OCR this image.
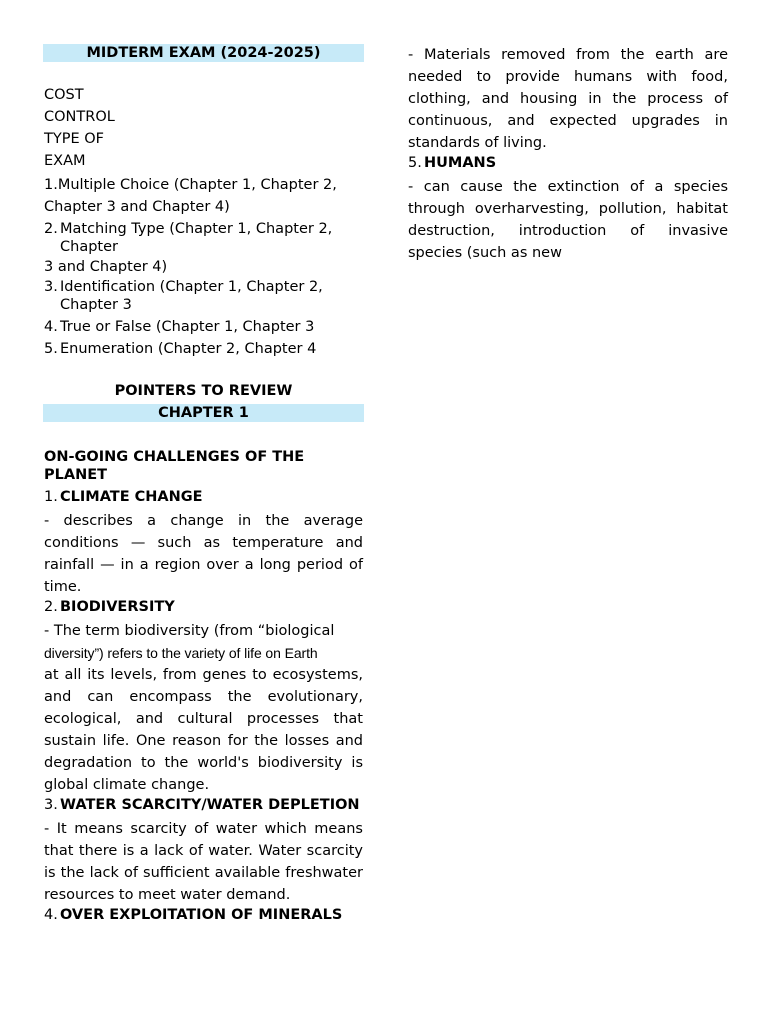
MIDTERM EXAM (2024-2025)
COST
CONTROL
TYPE OF
EXAM
1.Multiple Choice (Chapter 1, Chapter 2, Chapter 3 and Chapter 4)
2. Matching Type (Chapter 1, Chapter 2, Chapter
3 and Chapter 4)
3. Identification (Chapter 1, Chapter 2, Chapter 3
4. True or False (Chapter 1, Chapter 3
5. Enumeration (Chapter 2, Chapter 4
POINTERS TO REVIEW
CHAPTER 1
ON-GOING CHALLENGES OF THE PLANET
1. CLIMATE CHANGE
- describes a change in the average conditions — such as temperature and rainfall — in a region over a long period of time.
2. BIODIVERSITY
- The term biodiversity (from “biological
diversity”) refers to the variety of life on Earth
at all its levels, from genes to ecosystems, and can encompass the evolutionary, ecological, and cultural processes that sustain life. One reason for the losses and degradation to the world's biodiversity is global climate change.
3. WATER SCARCITY/WATER DEPLETION
- It means scarcity of water which means that there is a lack of water. Water scarcity is the lack of sufficient available freshwater resources to meet water demand.
4. OVER EXPLOITATION OF MINERALS
- Materials removed from the earth are needed to provide humans with food, clothing, and housing in the process of continuous, and expected upgrades in standards of living.
5. HUMANS
- can cause the extinction of a species through overharvesting, pollution, habitat destruction, introduction of invasive species (such as new
